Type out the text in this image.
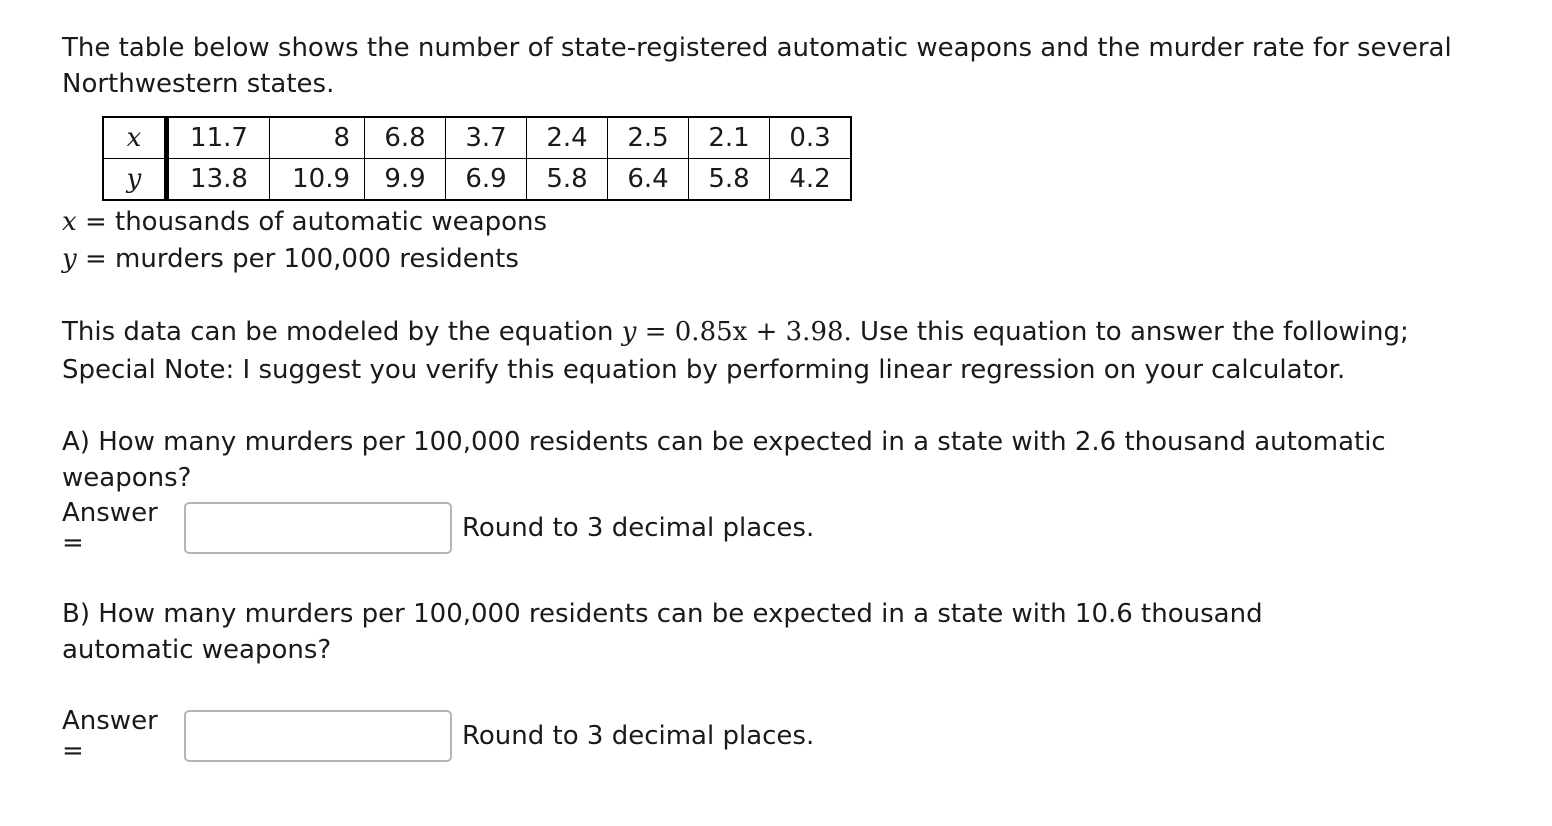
The table below shows the number of state-registered automatic weapons and the murder rate for several Northwestern states.
x	11.7	8	6.8	3.7	2.4	2.5	2.1	0.3
y	13.8	10.9	9.9	6.9	5.8	6.4	5.8	4.2
x = thousands of automatic weapons
y = murders per 100,000 residents
This data can be modeled by the equation y = 0.85x + 3.98. Use this equation to answer the following;
Special Note: I suggest you verify this equation by performing linear regression on your calculator.
A) How many murders per 100,000 residents can be expected in a state with 2.6 thousand automatic weapons?
Answer =	Round to 3 decimal places.
B) How many murders per 100,000 residents can be expected in a state with 10.6 thousand automatic weapons?
Answer =	Round to 3 decimal places.
